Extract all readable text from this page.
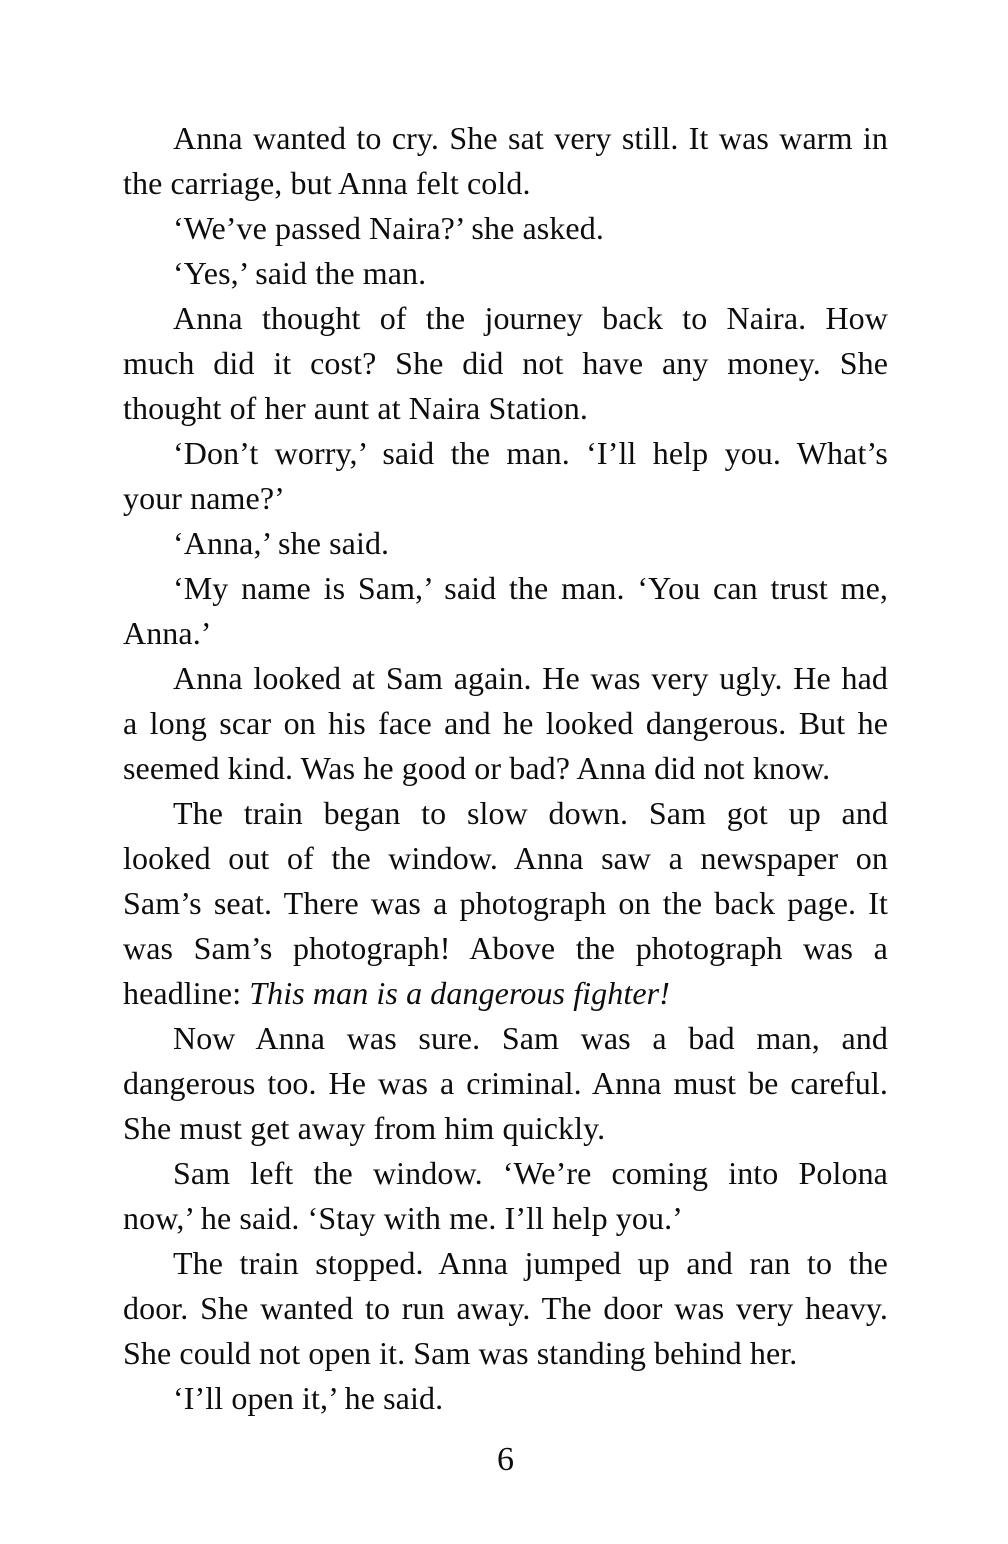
Anna wanted to cry. She sat very still. It was warm in
the carriage, but Anna felt cold.
‘We’ve passed Naira?’ she asked.
‘Yes,’ said the man.
Anna thought of the journey back to Naira. How
much did it cost? She did not have any money. She
thought of her aunt at Naira Station.
‘Don’t worry,’ said the man. ‘I’ll help you. What’s
your name?’
‘Anna,’ she said.
‘My name is Sam,’ said the man. ‘You can trust me,
Anna.’
Anna looked at Sam again. He was very ugly. He had
a long scar on his face and he looked dangerous. But he
seemed kind. Was he good or bad? Anna did not know.
The train began to slow down. Sam got up and
looked out of the window. Anna saw a newspaper on
Sam’s seat. There was a photograph on the back page. It
was Sam’s photograph! Above the photograph was a
headline: This man is a dangerous fighter!
Now Anna was sure. Sam was a bad man, and
dangerous too. He was a criminal. Anna must be careful.
She must get away from him quickly.
Sam left the window. ‘We’re coming into Polona
now,’ he said. ‘Stay with me. I’ll help you.’
The train stopped. Anna jumped up and ran to the
door. She wanted to run away. The door was very heavy.
She could not open it. Sam was standing behind her.
‘I’ll open it,’ he said.
6
